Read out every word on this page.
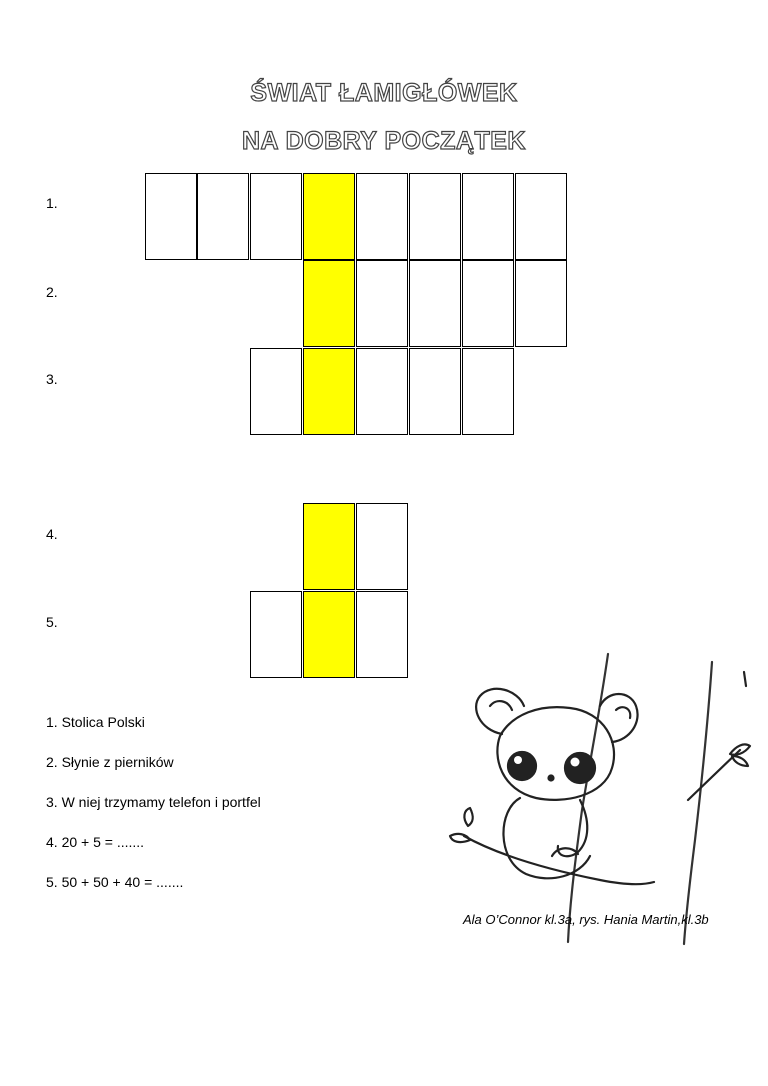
ŚWIAT ŁAMIGŁÓWEK
NA DOBRY POCZĄTEK
1.
2.
3.
4.
5.
1. Stolica Polski
2. Słynie z pierników
3. W niej trzymamy telefon i portfel
4. 20 + 5 = .......
5. 50 + 50 + 40 = .......
Ala O’Connor kl.3a, rys. Hania Martin,kl.3b
